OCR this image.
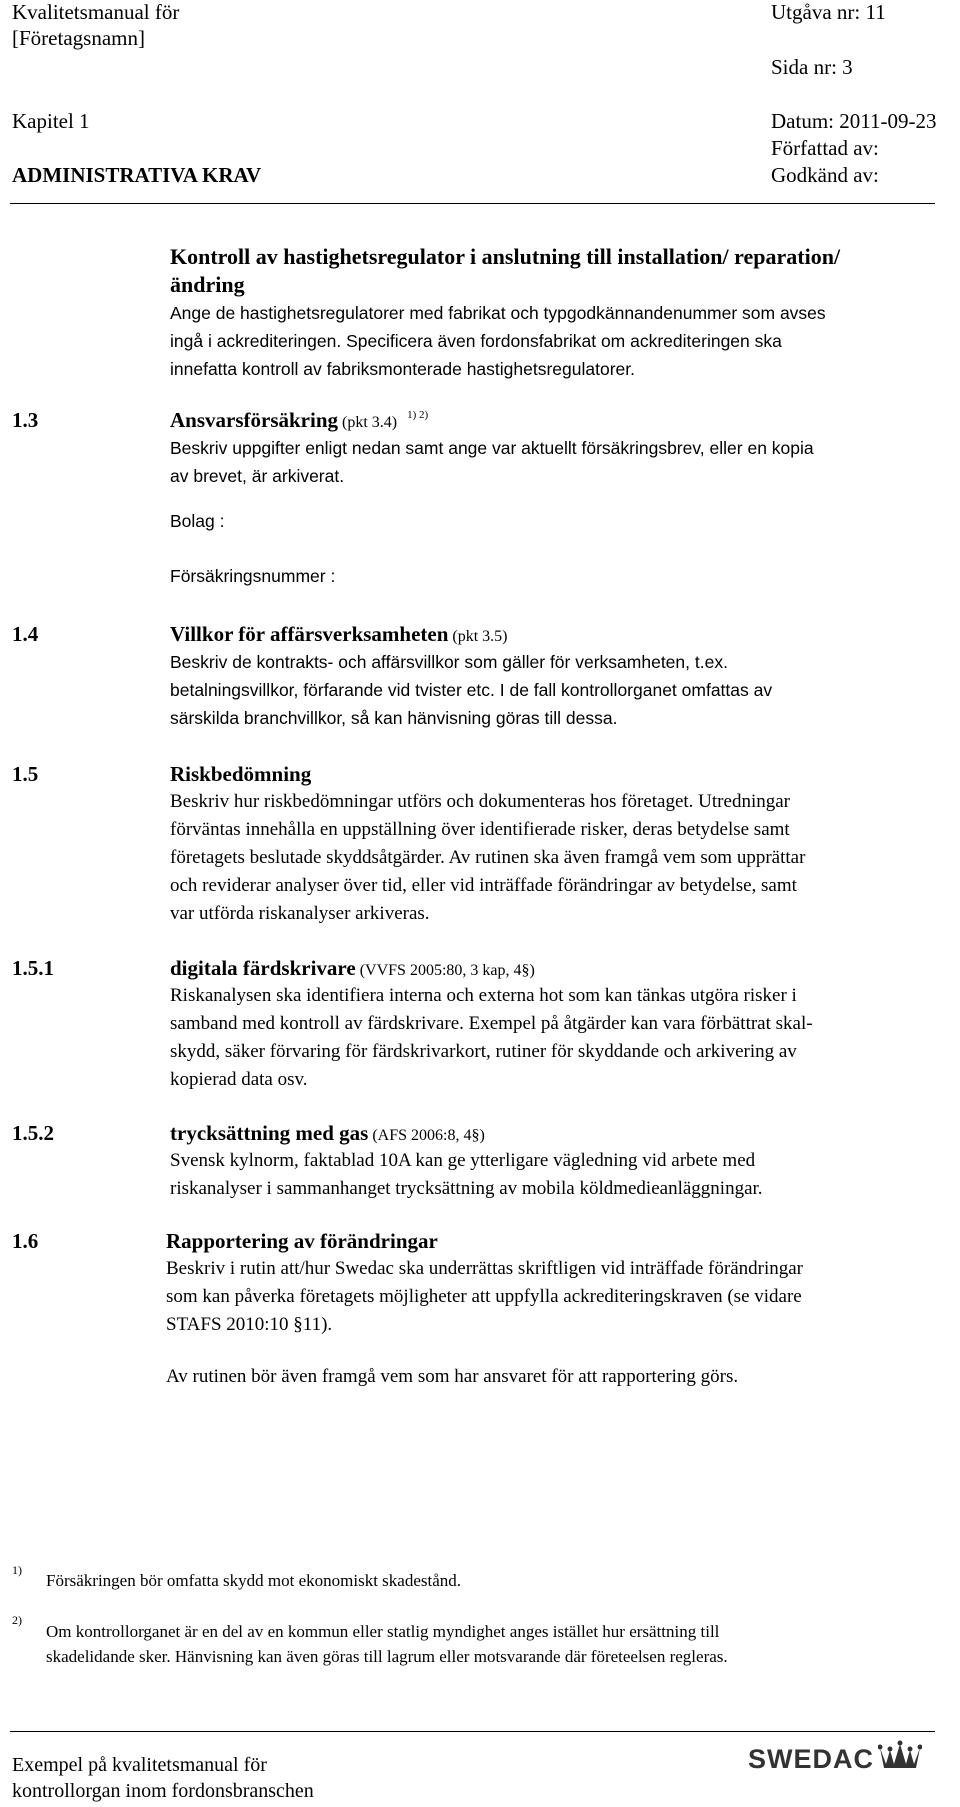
Kvalitetsmanual för
[Företagsnamn]
Utgåva nr: 11
Sida nr: 3
Kapitel 1	Datum: 2011-09-23
Författad av:
ADMINISTRATIVA KRAV	Godkänd av:
Kontroll av hastighetsregulator i anslutning till installation/ reparation/
ändring
Ange de hastighetsregulatorer med fabrikat och typgodkännandenummer som avses
ingå i ackrediteringen. Specificera även fordonsfabrikat om ackrediteringen ska
innefatta kontroll av fabriksmonterade hastighetsregulatorer.
1.3	Ansvarsförsäkring (pkt 3.4) $^{1) 2)}$
Beskriv uppgifter enligt nedan samt ange var aktuellt försäkringsbrev, eller en kopia
av brevet, är arkiverat.
Bolag :
Försäkringsnummer :
1.4	Villkor för affärsverksamheten (pkt 3.5)
Beskriv de kontrakts- och affärsvillkor som gäller för verksamheten, t.ex.
betalningsvillkor, förfarande vid tvister etc. I de fall kontrollorganet omfattas av
särskilda branchvillkor, så kan hänvisning göras till dessa.
1.5	Riskbedömning
Beskriv hur riskbedömningar utförs och dokumenteras hos företaget. Utredningar
förväntas innehålla en uppställning över identifierade risker, deras betydelse samt
företagets beslutade skyddsåtgärder. Av rutinen ska även framgå vem som upprättar
och reviderar analyser över tid, eller vid inträffade förändringar av betydelse, samt
var utförda riskanalyser arkiveras.
1.5.1	digitala färdskrivare (VVFS 2005:80, 3 kap, 4§)
Riskanalysen ska identifiera interna och externa hot som kan tänkas utgöra risker i
samband med kontroll av färdskrivare. Exempel på åtgärder kan vara förbättrat skal-
skydd, säker förvaring för färdskrivarkort, rutiner för skyddande och arkivering av
kopierad data osv.
1.5.2	trycksättning med gas (AFS 2006:8, 4§)
Svensk kylnorm, faktablad 10A kan ge ytterligare vägledning vid arbete med
riskanalyser i sammanhanget trycksättning av mobila köldmedieanläggningar.
1.6	Rapportering av förändringar
Beskriv i rutin att/hur Swedac ska underrättas skriftligen vid inträffade förändringar
som kan påverka företagets möjligheter att uppfylla ackrediteringskraven (se vidare
STAFS 2010:10 §11).
Av rutinen bör även framgå vem som har ansvaret för att rapportering görs.
1)
Försäkringen bör omfatta skydd mot ekonomiskt skadestånd.
2)
Om kontrollorganet är en del av en kommun eller statlig myndighet anges istället hur ersättning till
skadelidande sker. Hänvisning kan även göras till lagrum eller motsvarande där företeelsen regleras.
Exempel på kvalitetsmanual för
kontrollorgan inom fordonsbranschen
SWEDAC
